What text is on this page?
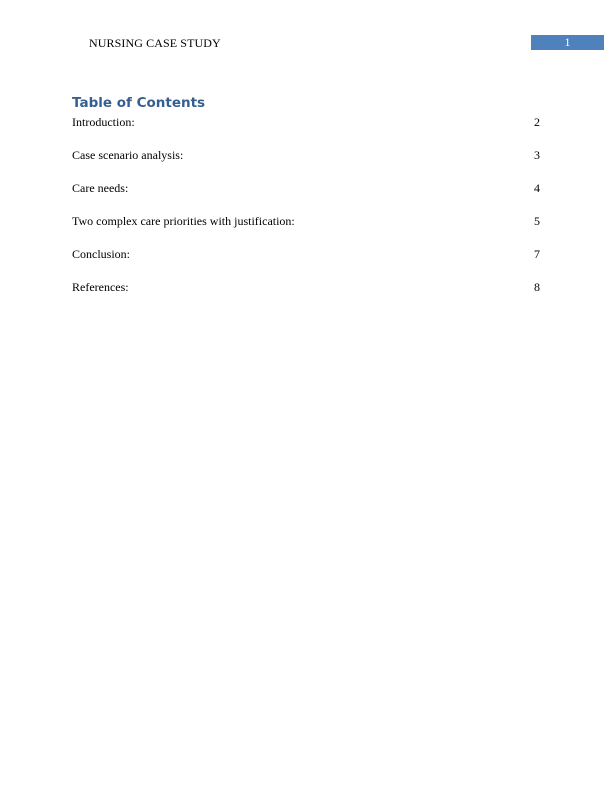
NURSING CASE STUDY	1
Table of Contents
Introduction:	2
Case scenario analysis:	3
Care needs:	4
Two complex care priorities with justification:	5
Conclusion:	7
References:	8
